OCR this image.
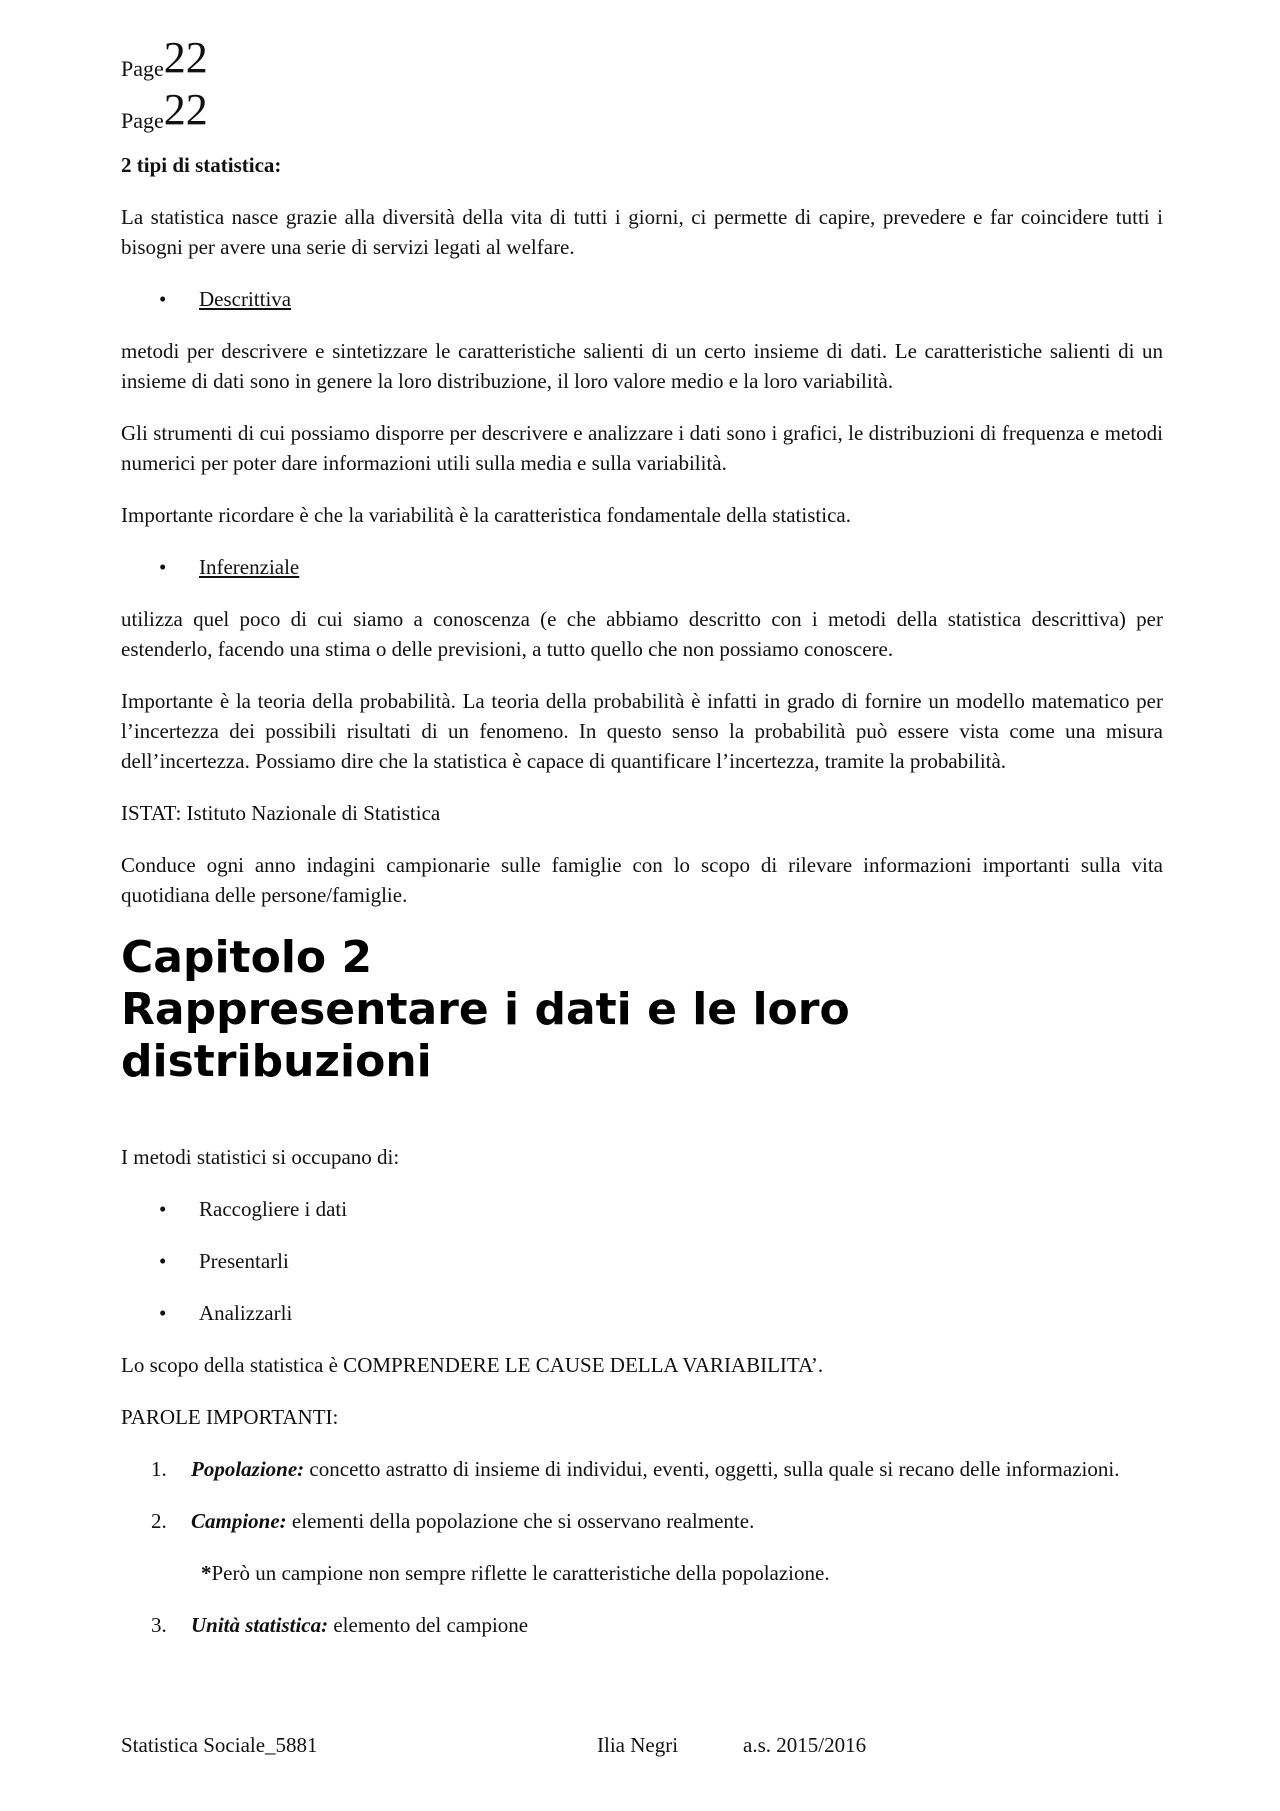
Page 22
Page 22

2 tipi di statistica:

La statistica nasce grazie alla diversità della vita di tutti i giorni, ci permette di capire, prevedere e far coincidere tutti i bisogni per avere una serie di servizi legati al welfare.

•	Descrittiva

metodi per descrivere e sintetizzare le caratteristiche salienti di un certo insieme di dati. Le caratteristiche salienti di un insieme di dati sono in genere la loro distribuzione, il loro valore medio e la loro variabilità.

Gli strumenti di cui possiamo disporre per descrivere e analizzare i dati sono i grafici, le distribuzioni di frequenza e metodi numerici per poter dare informazioni utili sulla media e sulla variabilità.

Importante ricordare è che la variabilità è la caratteristica fondamentale della statistica.

•	Inferenziale

utilizza quel poco di cui siamo a conoscenza (e che abbiamo descritto con i metodi della statistica descrittiva) per estenderlo, facendo una stima o delle previsioni, a tutto quello che non possiamo conoscere.

Importante è la teoria della probabilità. La teoria della probabilità è infatti in grado di fornire un modello matematico per l’incertezza dei possibili risultati di un fenomeno. In questo senso la probabilità può essere vista come una misura dell’incertezza. Possiamo dire che la statistica è capace di quantificare l’incertezza, tramite la probabilità.

ISTAT: Istituto Nazionale di Statistica

Conduce ogni anno indagini campionarie sulle famiglie con lo scopo di rilevare informazioni importanti sulla vita quotidiana delle persone/famiglie.

Capitolo 2
Rappresentare i dati e le loro distribuzioni

I metodi statistici si occupano di:

•	Raccogliere i dati
•	Presentarli
•	Analizzarli

Lo scopo della statistica è COMPRENDERE LE CAUSE DELLA VARIABILITA’.

PAROLE IMPORTANTI:

1.	Popolazione: concetto astratto di insieme di individui, eventi, oggetti, sulla quale si recano delle informazioni.
2.	Campione: elementi della popolazione che si osservano realmente.

*Però un campione non sempre riflette le caratteristiche della popolazione.

3.	Unità statistica: elemento del campione
Statistica Sociale_5881	Ilia Negri	a.s. 2015/2016
